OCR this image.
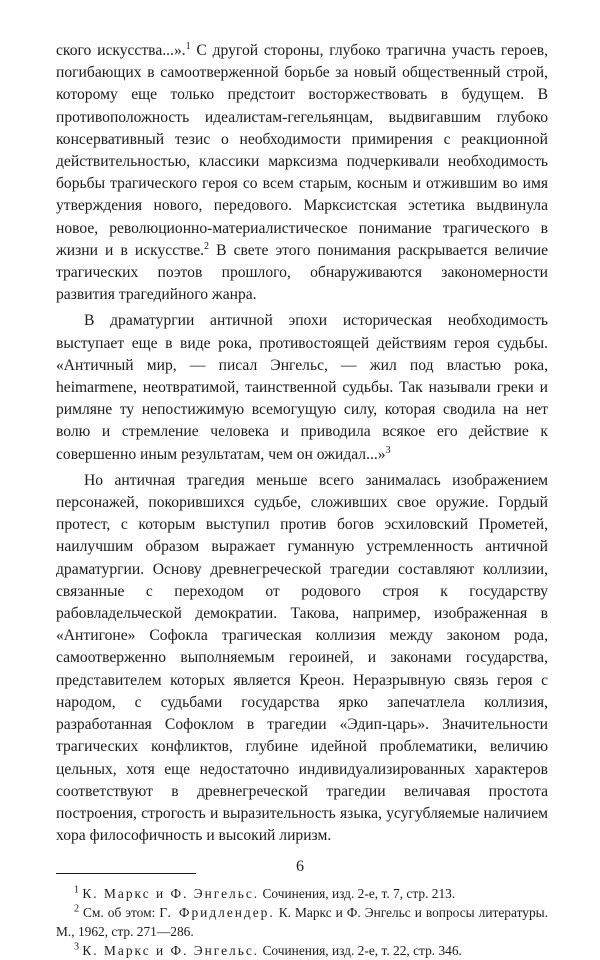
ского искусства...».$^1$ С другой стороны, глубоко трагична участь героев, погибающих в самоотверженной борьбе за новый общественный строй, которому еще только предстоит восторжествовать в будущем. В противоположность идеалистам-гегельянцам, выдвигавшим глубоко консервативный тезис о необходимости примирения с реакционной действительностью, классики марксизма подчеркивали необходимость борьбы трагического героя со всем старым, косным и отжившим во имя утверждения нового, передового. Марксистская эстетика выдвинула новое, революционно-материалистическое понимание трагического в жизни и в искусстве.$^2$ В свете этого понимания раскрывается величие трагических поэтов прошлого, обнаруживаются закономерности развития трагедийного жанра.

В драматургии античной эпохи историческая необходимость выступает еще в виде рока, противостоящей действиям героя судьбы. «Античный мир, — писал Энгельс, — жил под властью рока, heimarmene, неотвратимой, таинственной судьбы. Так называли греки и римляне ту непостижимую всемогущую силу, которая сводила на нет волю и стремление человека и приводила всякое его действие к совершенно иным результатам, чем он ожидал...»$^3$

Но античная трагедия меньше всего занималась изображением персонажей, покорившихся судьбе, сложивших свое оружие. Гордый протест, с которым выступил против богов эсхиловский Прометей, наилучшим образом выражает гуманную устремленность античной драматургии. Основу древнегреческой трагедии составляют коллизии, связанные с переходом от родового строя к государству рабовладельческой демократии. Такова, например, изображенная в «Антигоне» Софокла трагическая коллизия между законом рода, самоотверженно выполняемым героиней, и законами государства, представителем которых является Креон. Неразрывную связь героя с народом, с судьбами государства ярко запечатлела коллизия, разработанная Софоклом в трагедии «Эдип-царь». Значительности трагических конфликтов, глубине идейной проблематики, величию цельных, хотя еще недостаточно индивидуализированных характеров соответствуют в древнегреческой трагедии величавая простота построения, строгость и выразительность языка, усугубляемые наличием хора философичность и высокий лиризм.

$^1$ К. Маркс и Ф. Энгельс. Сочинения, изд. 2-е, т. 7, стр. 213.

$^2$ См. об этом: Г. Фридлендер. К. Маркс и Ф. Энгельс и вопросы литературы. М., 1962, стр. 271—286.

$^3$ К. Маркс и Ф. Энгельс. Сочинения, изд. 2-е, т. 22, стр. 346.

6
